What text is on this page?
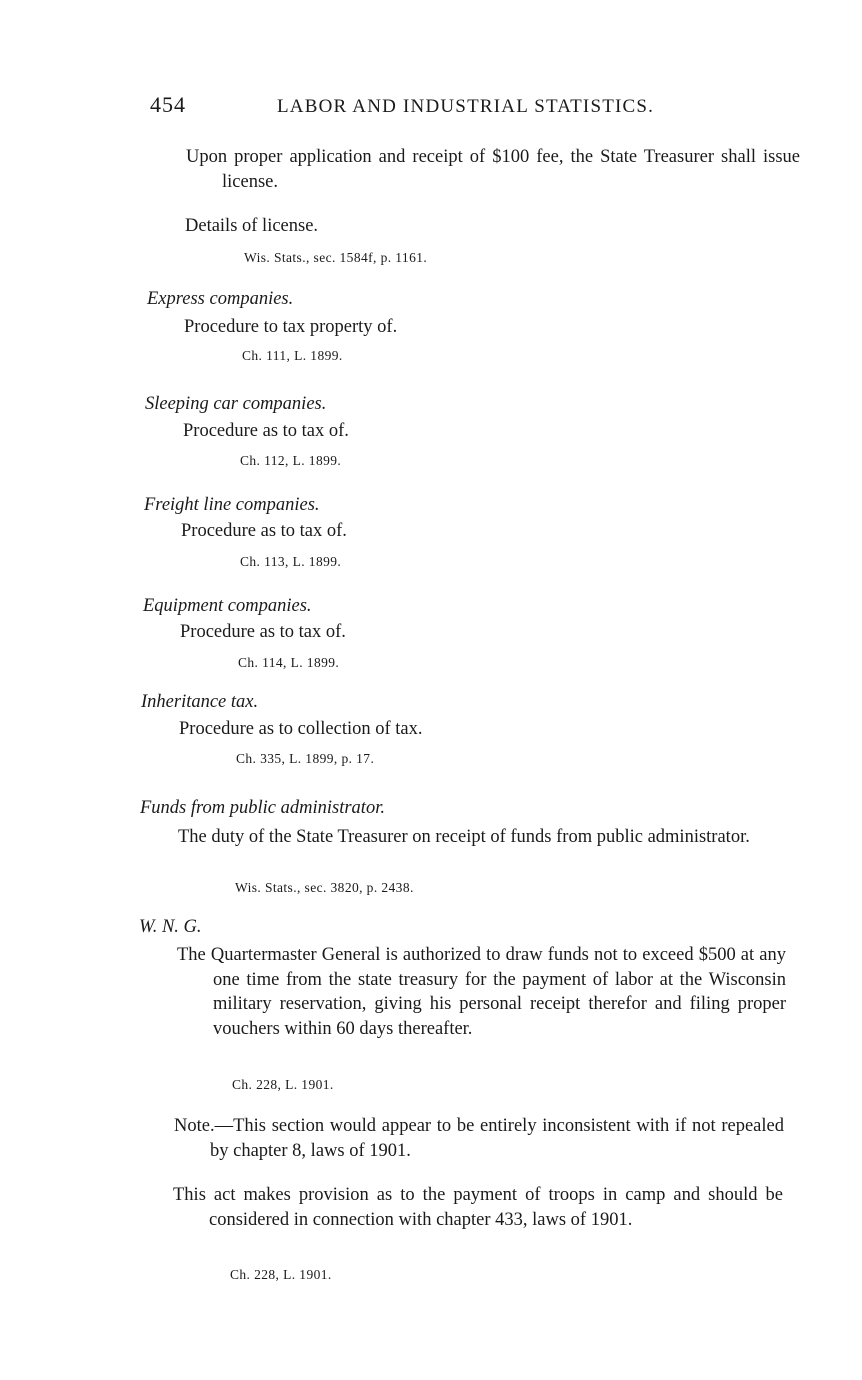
454	LABOR AND INDUSTRIAL STATISTICS.
Upon proper application and receipt of $100 fee, the State Treasurer shall issue license.
Details of license.
Wis. Stats., sec. 1584f, p. 1161.
Express companies.
Procedure to tax property of.
Ch. 111, L. 1899.
Sleeping car companies.
Procedure as to tax of.
Ch. 112, L. 1899.
Freight line companies.
Procedure as to tax of.
Ch. 113, L. 1899.
Equipment companies.
Procedure as to tax of.
Ch. 114, L. 1899.
Inheritance tax.
Procedure as to collection of tax.
Ch. 335, L. 1899, p. 17.
Funds from public administrator.
The duty of the State Treasurer on receipt of funds from public administrator.
Wis. Stats., sec. 3820, p. 2438.
W. N. G.
The Quartermaster General is authorized to draw funds not to exceed $500 at any one time from the state treasury for the payment of labor at the Wisconsin military reservation, giving his personal receipt therefor and filing proper vouchers within 60 days thereafter.
Ch. 228, L. 1901.
Note.—This section would appear to be entirely inconsistent with if not repealed by chapter 8, laws of 1901.
This act makes provision as to the payment of troops in camp and should be considered in connection with chapter 433, laws of 1901.
Ch. 228, L. 1901.
